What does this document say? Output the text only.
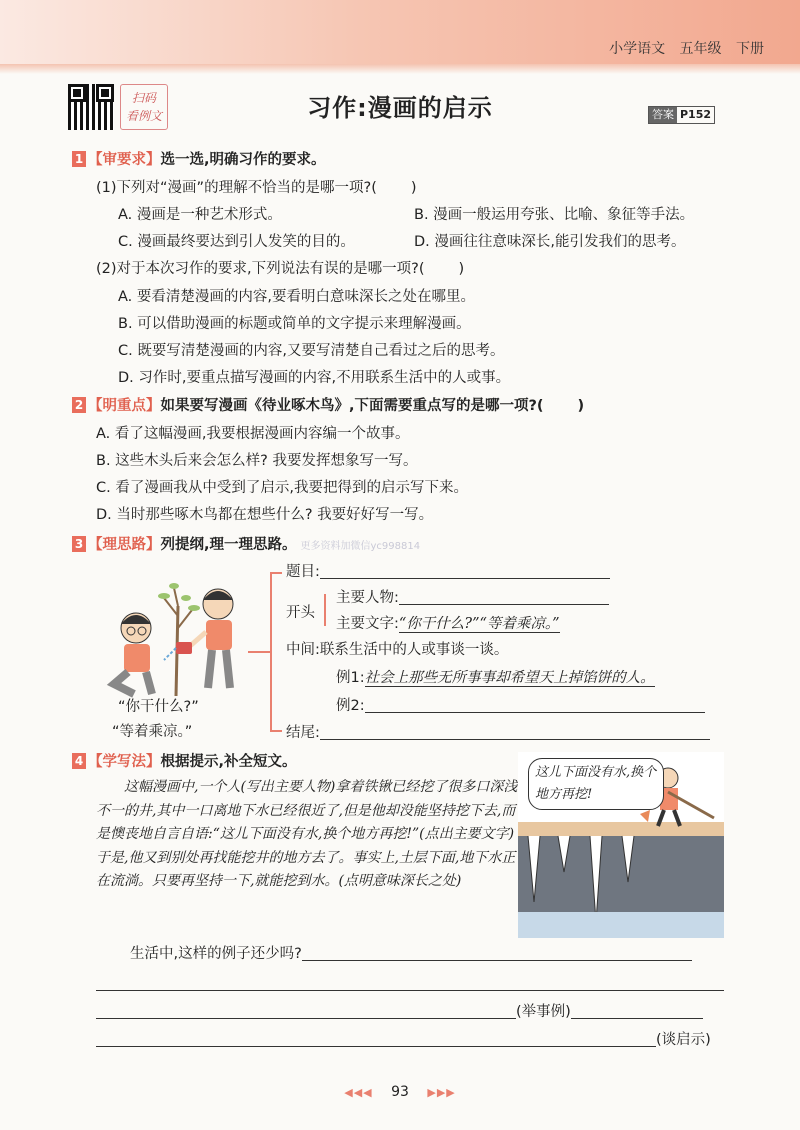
小学语文 五年级 下册
扫码
看例文	习作:漫画的启示	答案 P152
1 【审要求】选一选,明确习作的要求。
(1)下列对“漫画”的理解不恰当的是哪一项?( )
A. 漫画是一种艺术形式。	B. 漫画一般运用夸张、比喻、象征等手法。
C. 漫画最终要达到引人发笑的目的。	D. 漫画往往意味深长,能引发我们的思考。
(2)对于本次习作的要求,下列说法有误的是哪一项?( )
A. 要看清楚漫画的内容,要看明白意味深长之处在哪里。
B. 可以借助漫画的标题或简单的文字提示来理解漫画。
C. 既要写清楚漫画的内容,又要写清楚自己看过之后的思考。
D. 习作时,要重点描写漫画的内容,不用联系生活中的人或事。
2 【明重点】如果要写漫画《待业啄木鸟》,下面需要重点写的是哪一项?( )
A. 看了这幅漫画,我要根据漫画内容编一个故事。
B. 这些木头后来会怎么样? 我要发挥想象写一写。
C. 看了漫画我从中受到了启示,我要把得到的启示写下来。
D. 当时那些啄木鸟都在想些什么? 我要好好写一写。
3 【理思路】列提纲,理一理思路。 更多资料加微信yc998814
“你干什么?”
“等着乘凉。”
题目:
开头
主要人物:
主要文字:“你干什么?”“等着乘凉。”
中间:联系生活中的人或事谈一谈。
例1:社会上那些无所事事却希望天上掉馅饼的人。
例2:
结尾:
4 【学写法】根据提示,补全短文。
这幅漫画中,一个人(写出主要人物)拿着铁锹已经挖了很多口深浅不一的井,其中一口离地下水已经很近了,但是他却没能坚持挖下去,而是懊丧地自言自语:“这儿下面没有水,换个地方再挖!”(点出主要文字)于是,他又到别处再找能挖井的地方去了。事实上,土层下面,地下水正在流淌。只要再坚持一下,就能挖到水。(点明意味深长之处)
这儿下面没有水,换个地方再挖!
生活中,这样的例子还少吗?
(举事例)
(谈启示)
◀◀◀ 93 ▶▶▶
